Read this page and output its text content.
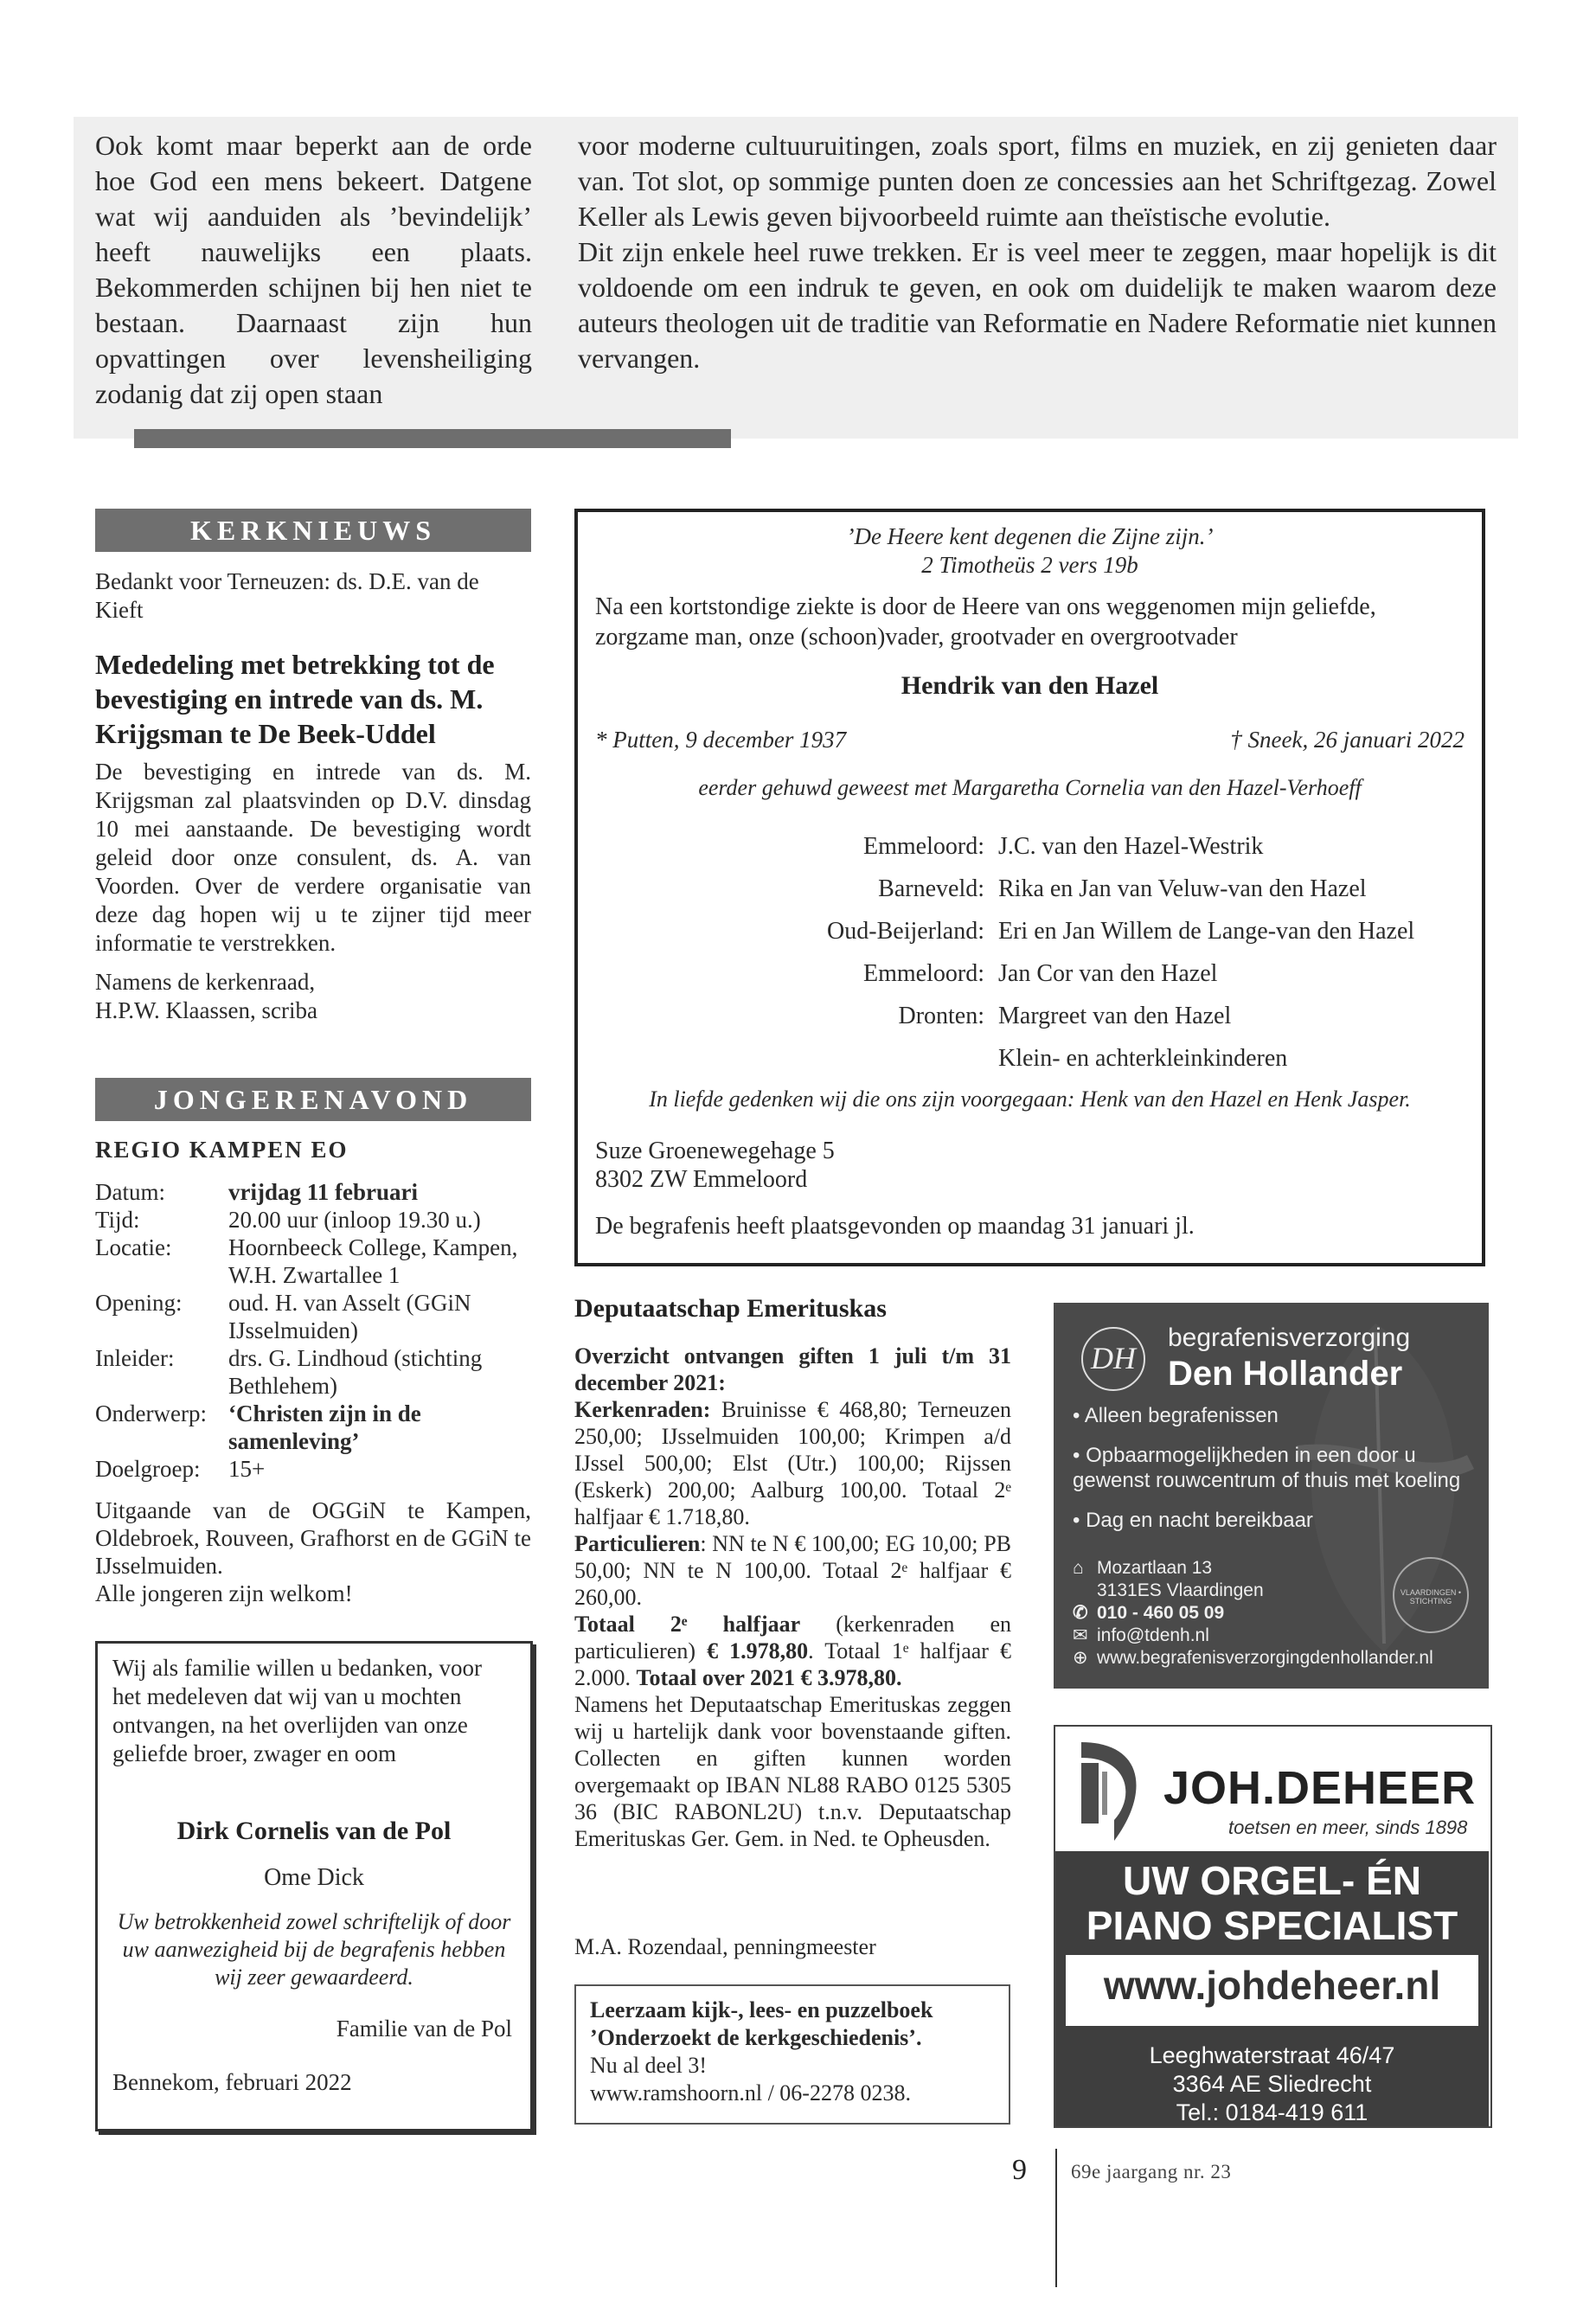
Ook komt maar beperkt aan de orde hoe God een mens bekeert. Datgene wat wij aanduiden als ’bevindelijk’ heeft nauwelijks een plaats. Bekommerden schijnen bij hen niet te bestaan. Daarnaast zijn hun opvattingen over levensheiliging zodanig dat zij open staan

voor moderne cultuuruitingen, zoals sport, films en muziek, en zij genieten daar van. Tot slot, op sommige punten doen ze concessies aan het Schriftgezag. Zowel Keller als Lewis geven bijvoorbeeld ruimte aan theïstische evolutie.

Dit zijn enkele heel ruwe trekken. Er is veel meer te zeggen, maar hopelijk is dit voldoende om een indruk te geven, en ook om duidelijk te maken waarom deze auteurs theologen uit de traditie van Reformatie en Nadere Reformatie niet kunnen vervangen.

KERKNIEUWS

Bedankt voor Terneuzen: ds. D.E. van de Kieft

Mededeling met betrekking tot de bevestiging en intrede van ds. M. Krijgsman te De Beek-Uddel

De bevestiging en intrede van ds. M. Krijgsman zal plaatsvinden op D.V. dinsdag 10 mei aanstaande. De bevestiging wordt geleid door onze consulent, ds. A. van Voorden. Over de verdere organisatie van deze dag hopen wij u te zijner tijd meer informatie te verstrekken.

Namens de kerkenraad,
H.P.W. Klaassen, scriba
JONGERENAVOND
REGIO KAMPEN EO
Datum:	vrijdag 11 februari
Tijd:	20.00 uur (inloop 19.30 u.)
Locatie:	Hoornbeeck College, Kampen, W.H. Zwartallee 1
Opening:	oud. H. van Asselt (GGiN IJsselmuiden)
Inleider:	drs. G. Lindhoud (stichting Bethlehem)
Onderwerp: ‘Christen zijn in de samenleving’
Doelgroep:	15+
Uitgaande van de OGGiN te Kampen, Oldebroek, Rouveen, Grafhorst en de GGiN te IJsselmuiden.
Alle jongeren zijn welkom!
Wij als familie willen u bedanken, voor het medeleven dat wij van u mochten ontvangen, na het overlijden van onze geliefde broer, zwager en oom
Dirk Cornelis van de Pol
Ome Dick
Uw betrokkenheid zowel schriftelijk of door uw aanwezigheid bij de begrafenis hebben wij zeer gewaardeerd.
Familie van de Pol
Bennekom, februari 2022
’De Heere kent degenen die Zijne zijn.’
2 Timotheüs 2 vers 19b
Na een kortstondige ziekte is door de Heere van ons weggenomen mijn geliefde, zorgzame man, onze (schoon)vader, grootvader en overgrootvader
Hendrik van den Hazel
* Putten, 9 december 1937	† Sneek, 26 januari 2022
eerder gehuwd geweest met Margaretha Cornelia van den Hazel-Verhoeff
Emmeloord: J.C. van den Hazel-Westrik
Barneveld: Rika en Jan van Veluw-van den Hazel
Oud-Beijerland: Eri en Jan Willem de Lange-van den Hazel
Emmeloord: Jan Cor van den Hazel
Dronten: Margreet van den Hazel
Klein- en achterkleinkinderen
In liefde gedenken wij die ons zijn voorgegaan: Henk van den Hazel en Henk Jasper.
Suze Groenewegehage 5
8302 ZW Emmeloord
De begrafenis heeft plaatsgevonden op maandag 31 januari jl.
Deputaatschap Emerituskas

Overzicht ontvangen giften 1 juli t/m 31 december 2021:

Kerkenraden: Bruinisse € 468,80; Terneuzen 250,00; IJsselmuiden 100,00; Krimpen a/d IJssel 500,00; Elst (Utr.) 100,00; Rijssen (Eskerk) 200,00; Aalburg 100,00. Totaal 2ᵉ halfjaar € 1.718,80.

Particulieren: NN te N € 100,00; EG 10,00; PB 50,00; NN te N 100,00. Totaal 2ᵉ halfjaar € 260,00.

Totaal 2ᵉ halfjaar (kerkenraden en particulieren) € 1.978,80. Totaal 1ᵉ halfjaar € 2.000. Totaal over 2021 € 3.978,80.

Namens het Deputaatschap Emerituskas zeggen wij u hartelijk dank voor bovenstaande giften. Collecten en giften kunnen worden overgemaakt op IBAN NL88 RABO 0125 5305 36 (BIC RABONL2U) t.n.v. Deputaatschap Emerituskas Ger. Gem. in Ned. te Opheusden.

M.A. Rozendaal, penningmeester
Leerzaam kijk-, lees- en puzzelboek ’Onderzoekt de kerkgeschiedenis’.
Nu al deel 3!
www.ramshoorn.nl / 06-2278 0238.
DH
begrafenisverzorging
Den Hollander
• Alleen begrafenissen
• Opbaarmogelijkheden in een door u gewenst rouwcentrum of thuis met koeling
• Dag en nacht bereikbaar
⌂ Mozartlaan 13
3131ES Vlaardingen
✆ 010 - 460 05 09
✉ info@tdenh.nl
⊕ www.begrafenisverzorgingdenhollander.nl
VLAARDINGEN • STICHTING
JOH.DEHEER
toetsen en meer, sinds 1898
UW ORGEL- ÉN
PIANO SPECIALIST
www.johdeheer.nl
Leeghwaterstraat 46/47
3364 AE Sliedrecht
Tel.: 0184-419 611
9 69e jaargang nr. 23
